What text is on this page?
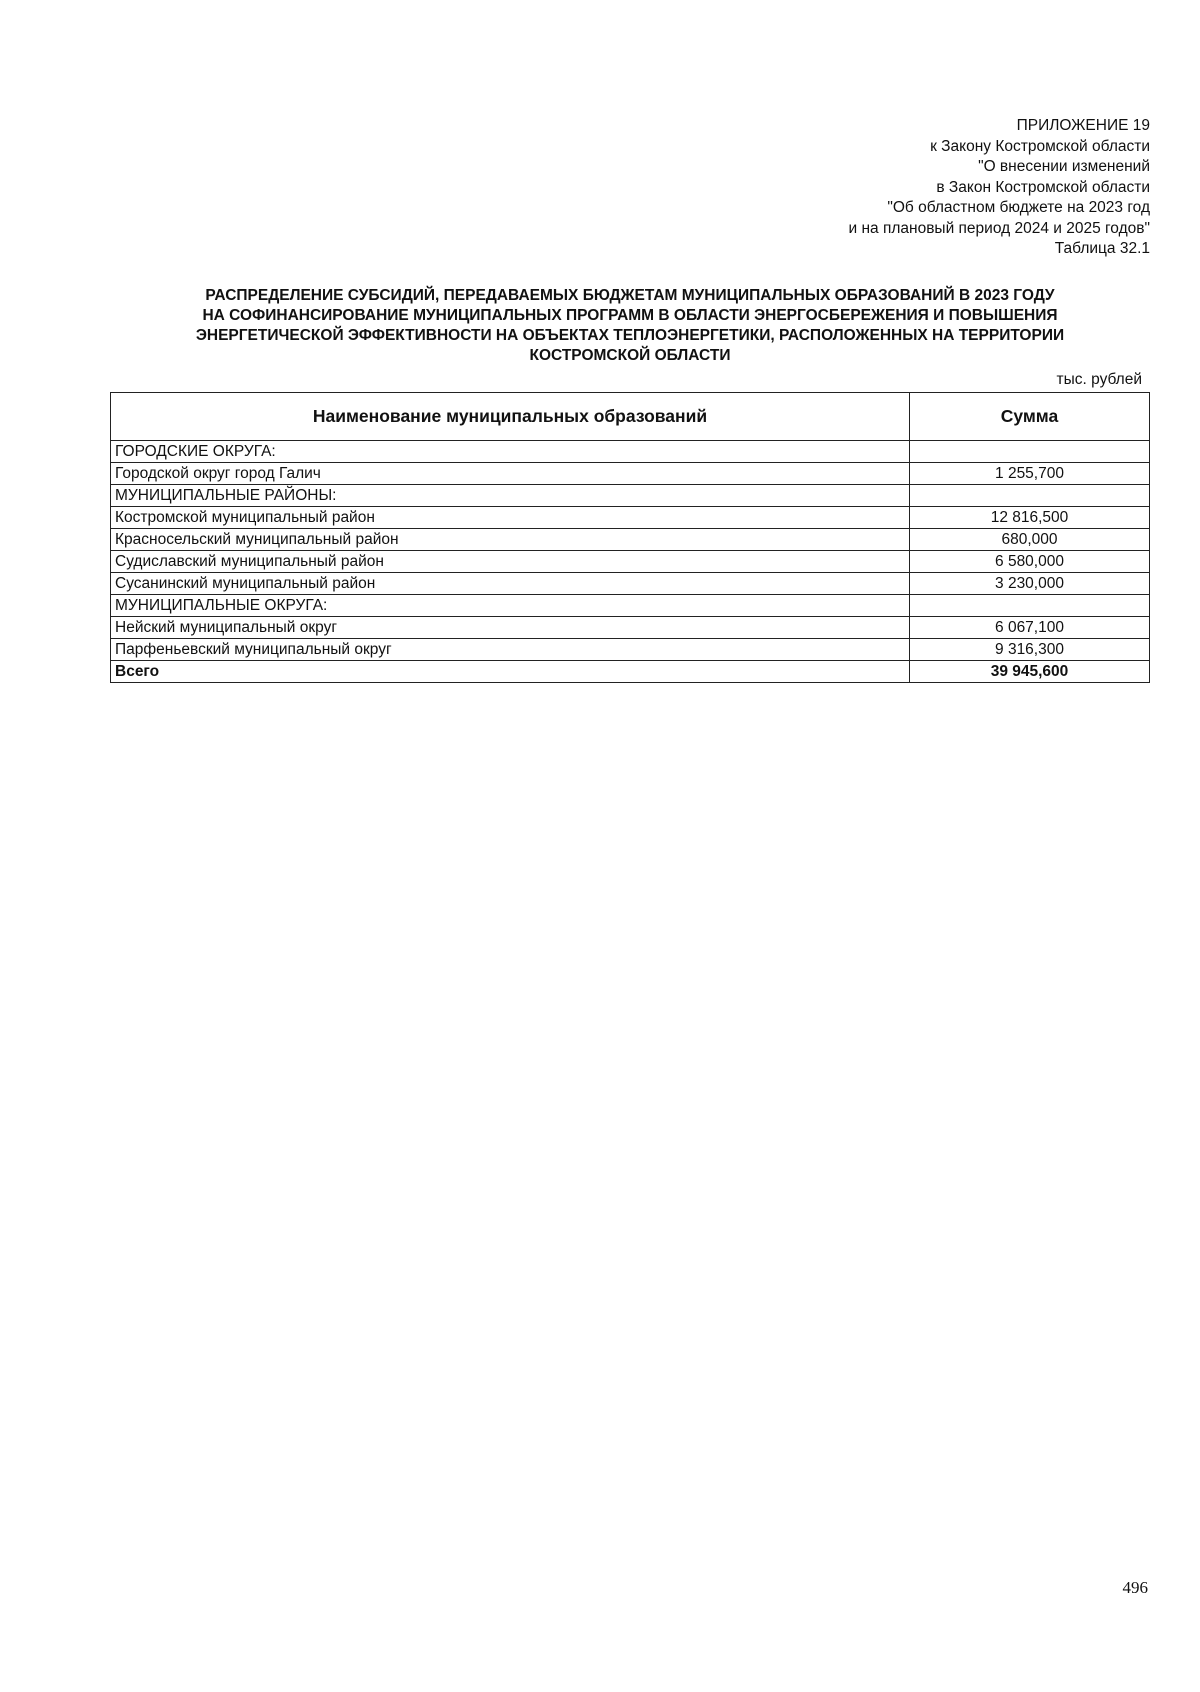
ПРИЛОЖЕНИЕ 19
к Закону Костромской области
"О внесении изменений
в Закон Костромской области
"Об областном бюджете на 2023 год
и на плановый период 2024 и 2025 годов"
Таблица 32.1
РАСПРЕДЕЛЕНИЕ СУБСИДИЙ, ПЕРЕДАВАЕМЫХ БЮДЖЕТАМ МУНИЦИПАЛЬНЫХ ОБРАЗОВАНИЙ В 2023 ГОДУ
НА СОФИНАНСИРОВАНИЕ МУНИЦИПАЛЬНЫХ ПРОГРАММ В ОБЛАСТИ ЭНЕРГОСБЕРЕЖЕНИЯ И ПОВЫШЕНИЯ
ЭНЕРГЕТИЧЕСКОЙ ЭФФЕКТИВНОСТИ НА ОБЪЕКТАХ ТЕПЛОЭНЕРГЕТИКИ, РАСПОЛОЖЕННЫХ НА ТЕРРИТОРИИ
КОСТРОМСКОЙ ОБЛАСТИ
тыс. рублей
Наименование муниципальных образований	Сумма
ГОРОДСКИЕ ОКРУГА:	
Городской округ город Галич	1 255,700
МУНИЦИПАЛЬНЫЕ РАЙОНЫ:	
Костромской муниципальный район	12 816,500
Красносельский муниципальный район	680,000
Судиславский муниципальный район	6 580,000
Сусанинский муниципальный район	3 230,000
МУНИЦИПАЛЬНЫЕ ОКРУГА:	
Нейский муниципальный округ	6 067,100
Парфеньевский муниципальный округ	9 316,300
Всего	39 945,600
496
